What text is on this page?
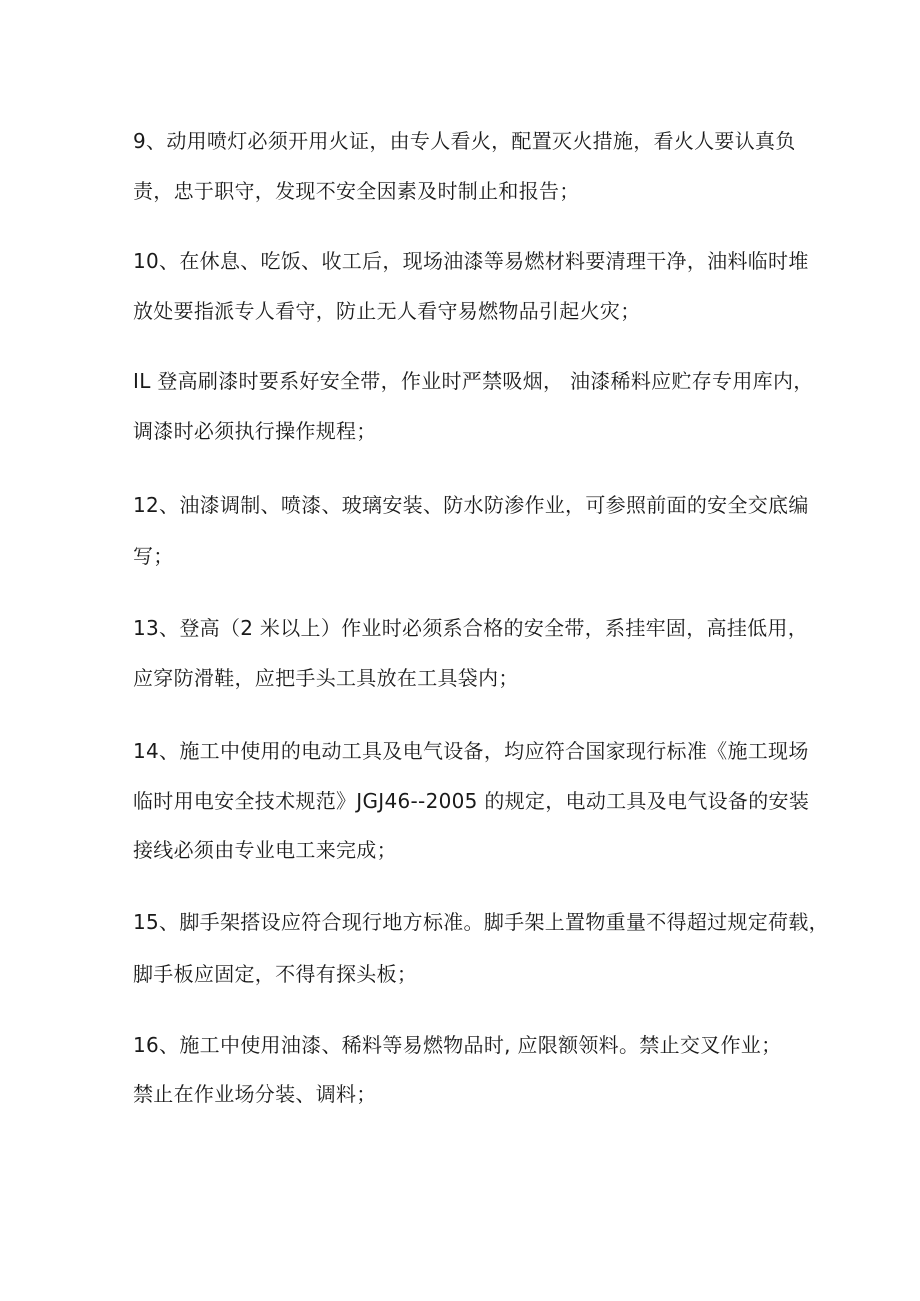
9、动用喷灯必须开用火证，由专人看火，配置灭火措施，看火人要认真负
责，忠于职守，发现不安全因素及时制止和报告；
10、在休息、吃饭、收工后，现场油漆等易燃材料要清理干净，油料临时堆
放处要指派专人看守，防止无人看守易燃物品引起火灾；
IL 登高刷漆时要系好安全带，作业时严禁吸烟， 油漆稀料应贮存专用库内，
调漆时必须执行操作规程；
12、油漆调制、喷漆、玻璃安装、防水防渗作业，可参照前面的安全交底编
写；
13、登高（2 米以上）作业时必须系合格的安全带，系挂牢固，高挂低用，
应穿防滑鞋，应把手头工具放在工具袋内；
14、施工中使用的电动工具及电气设备，均应符合国家现行标准《施工现场
临时用电安全技术规范》JGJ46--2005 的规定，电动工具及电气设备的安装
接线必须由专业电工来完成；
15、脚手架搭设应符合现行地方标准。脚手架上置物重量不得超过规定荷载，
脚手板应固定，不得有探头板；
16、施工中使用油漆、稀料等易燃物品时, 应限额领料。禁止交叉作业；
禁止在作业场分装、调料；
